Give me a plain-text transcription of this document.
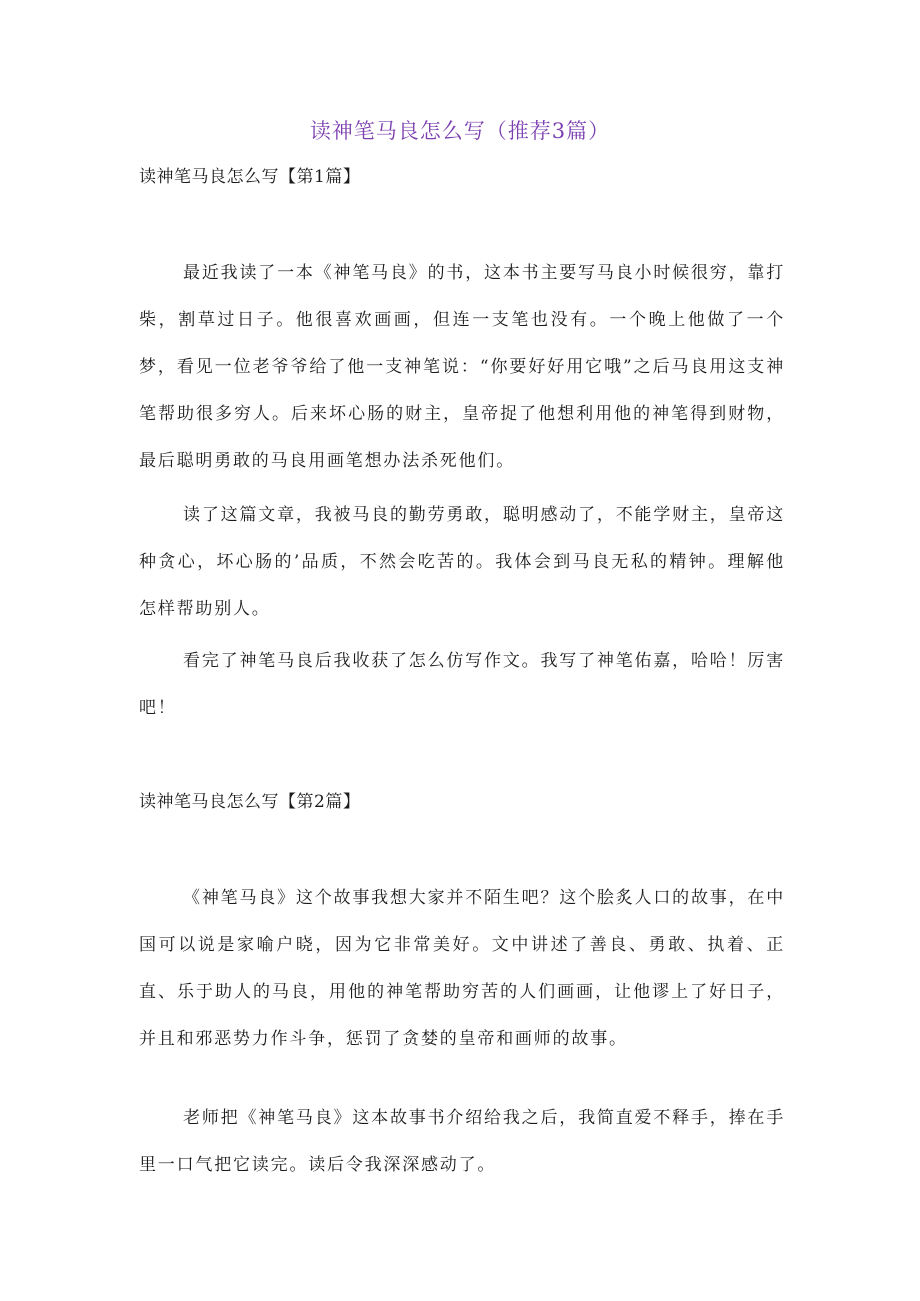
读神笔马良怎么写（推荐3篇）
读神笔马良怎么写【第1篇】

最近我读了一本《神笔马良》的书，这本书主要写马良小时候很穷，靠打柴，割草过日子。他很喜欢画画，但连一支笔也没有。一个晚上他做了一个梦，看见一位老爷爷给了他一支神笔说：“你要好好用它哦”之后马良用这支神笔帮助很多穷人。后来坏心肠的财主，皇帝捉了他想利用他的神笔得到财物，最后聪明勇敢的马良用画笔想办法杀死他们。

读了这篇文章，我被马良的勤劳勇敢，聪明感动了，不能学财主，皇帝这种贪心，坏心肠的’品质，不然会吃苦的。我体会到马良无私的精钟。理解他怎样帮助别人。

看完了神笔马良后我收获了怎么仿写作文。我写了神笔佑嘉，哈哈！厉害吧！

读神笔马良怎么写【第2篇】

《神笔马良》这个故事我想大家并不陌生吧？这个脍炙人口的故事，在中国可以说是家喻户晓，因为它非常美好。文中讲述了善良、勇敢、执着、正直、乐于助人的马良，用他的神笔帮助穷苦的人们画画，让他谬上了好日子，并且和邪恶势力作斗争，惩罚了贪婪的皇帝和画师的故事。

老师把《神笔马良》这本故事书介绍给我之后，我简直爱不释手，捧在手里一口气把它读完。读后令我深深感动了。
